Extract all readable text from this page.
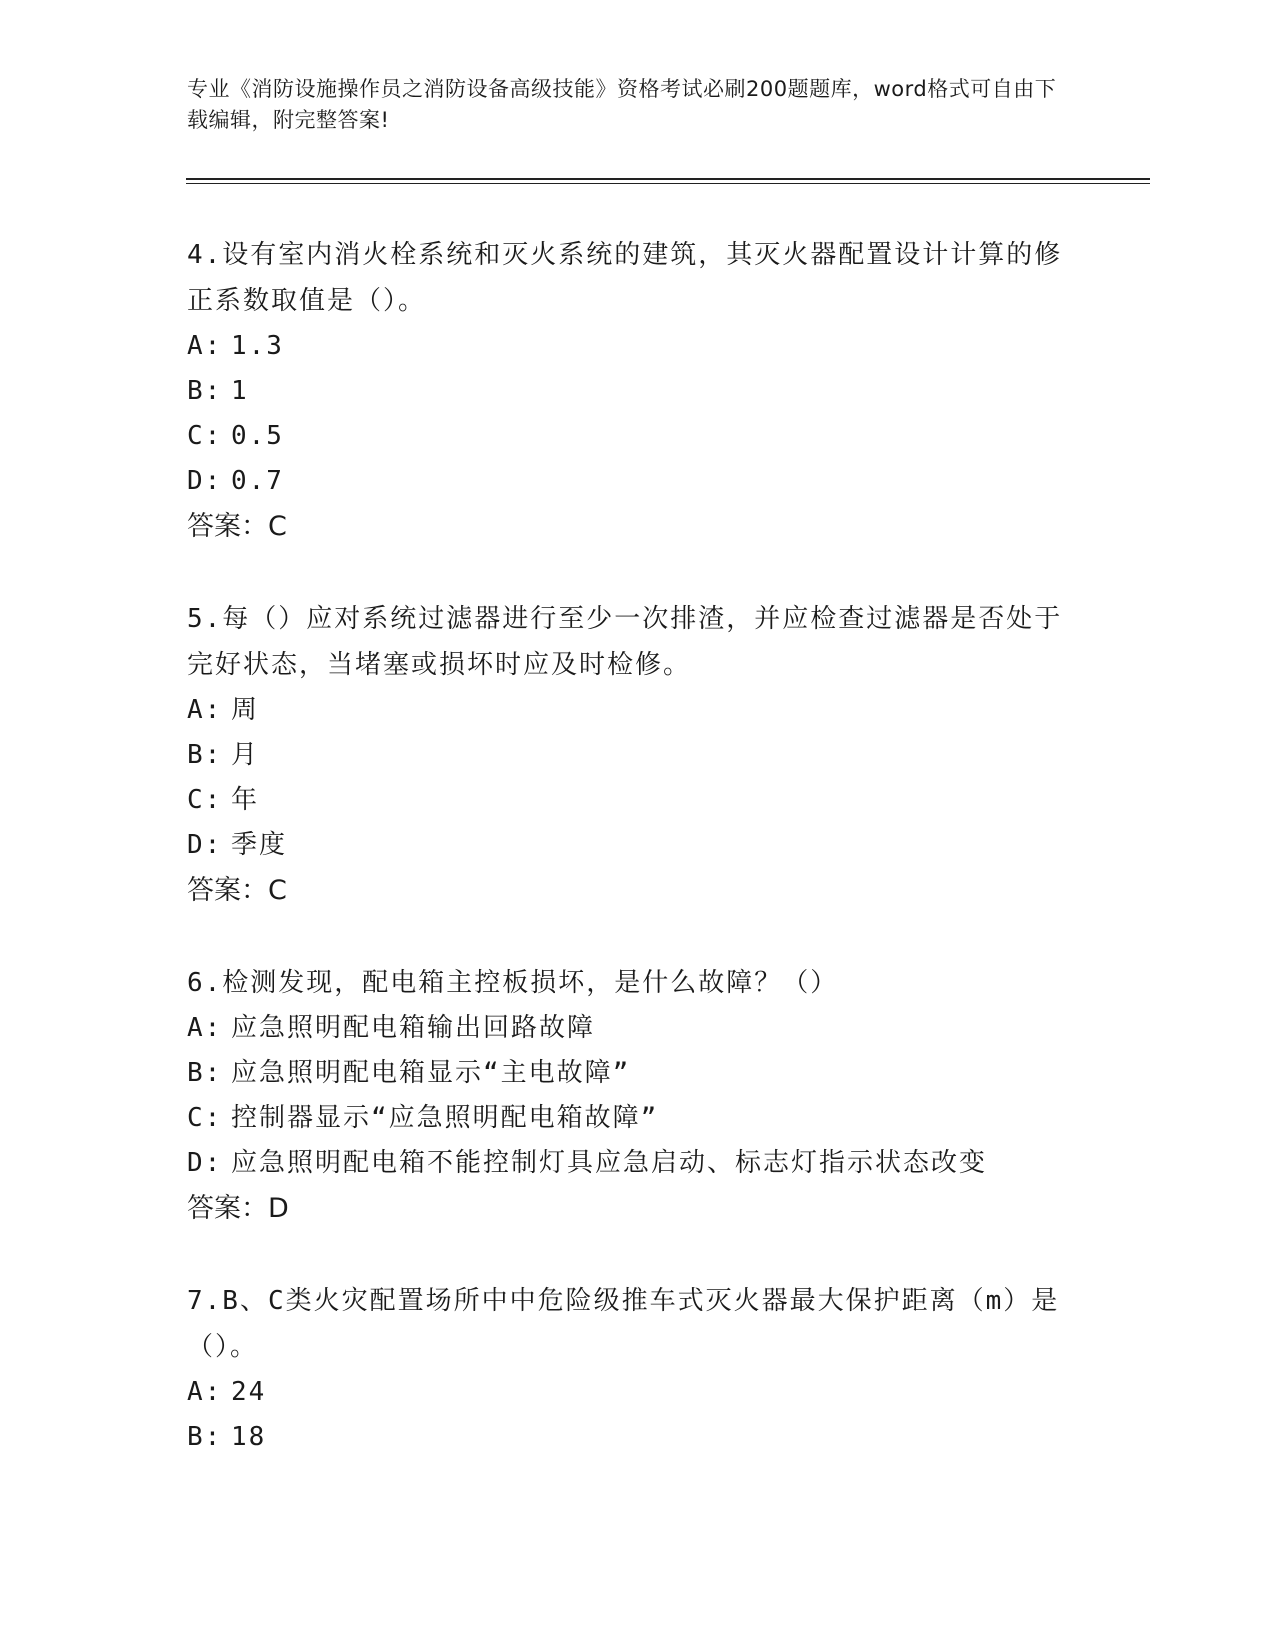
专业《消防设施操作员之消防设备高级技能》资格考试必刷200题题库，word格式可自由下载编辑，附完整答案!

4.设有室内消火栓系统和灭火系统的建筑，其灭火器配置设计计算的修正系数取值是（）。

A: 1.3

B: 1

C: 0.5

D: 0.7

答案：C

5.每（）应对系统过滤器进行至少一次排渣，并应检查过滤器是否处于完好状态，当堵塞或损坏时应及时检修。

A: 周

B: 月

C: 年

D: 季度

答案：C

6.检测发现，配电箱主控板损坏，是什么故障？（）

A: 应急照明配电箱输出回路故障

B: 应急照明配电箱显示“主电故障”

C: 控制器显示“应急照明配电箱故障”

D: 应急照明配电箱不能控制灯具应急启动、标志灯指示状态改变

答案：D

7.B、C类火灾配置场所中中危险级推车式灭火器最大保护距离（m）是（）。

A: 24

B: 18
